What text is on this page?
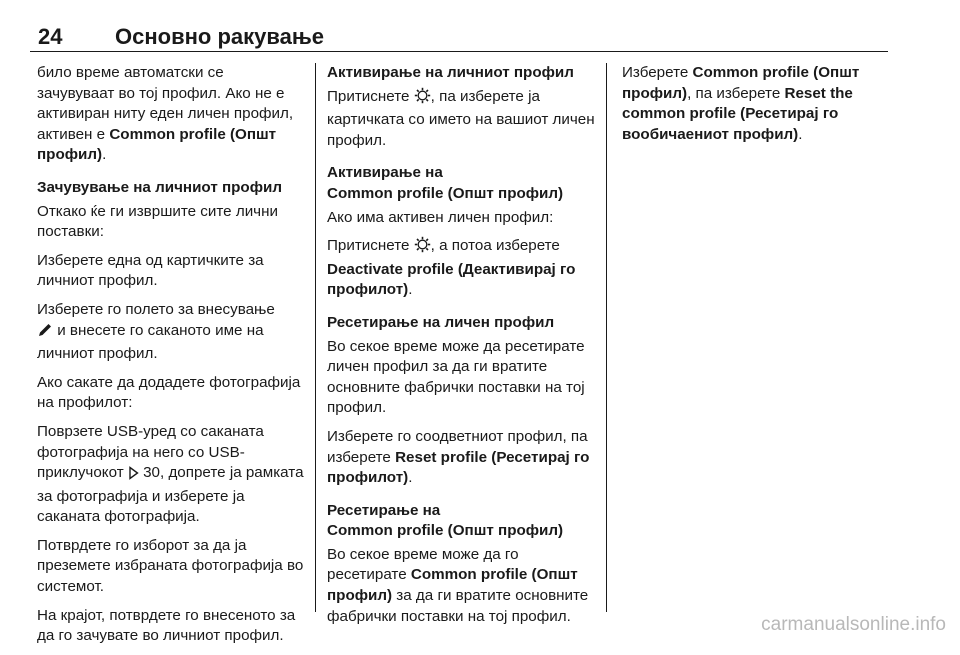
24 Основно ракување

било време автоматски се зачувуваат во тој профил. Ако не е активиран ниту еден личен профил, активен е Common profile (Општ профил).

Зачувување на личниот профил

Откако ќе ги извршите сите лични поставки:

Изберете една од картичките за личниот профил.

Изберете го полето за внесување
и внесете го саканото име на личниот профил.

Ако сакате да додадете фотографија на профилот:

Поврзете USB-уред со саканата фотографија на него со USB-приклучокот  30, допрете ја рамката за фотографија и изберете ја саканата фотографија.

Потврдете го изборот за да ја преземете избраната фотографија во системот.

На крајот, потврдете го внесеното за да го зачувате во личниот профил.

Активирање на личниот профил

Притиснете , па изберете ја картичката со името на вашиот личен профил.

Активирање на
Common profile (Општ профил)

Ако има активен личен профил:

Притиснете , а потоа изберете Deactivate profile (Деактивирај го профилот).

Ресетирање на личен профил

Во секое време може да ресетирате личен профил за да ги вратите основните фабрички поставки на тој профил.

Изберете го соодветниот профил, па изберете Reset profile (Ресетирај го профилот).

Ресетирање на
Common profile (Општ профил)

Во секое време може да го ресетирате Common profile (Општ профил) за да ги вратите основните фабрички поставки на тој профил.

Изберете Common profile (Општ профил), па изберете Reset the common profile (Ресетирај го вообичаениот профил).

carmanualsonline.info
